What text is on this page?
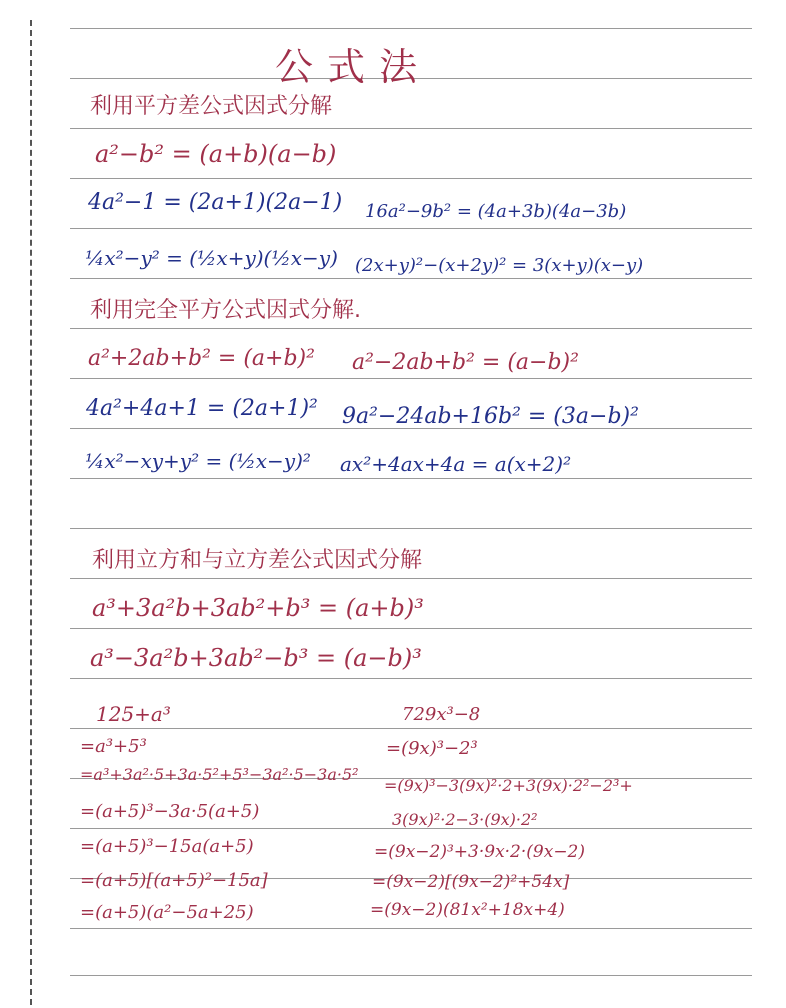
公式法
利用平方差公式因式分解
a²−b² = (a+b)(a−b)
4a²−1 = (2a+1)(2a−1) 16a²−9b² = (4a+3b)(4a−3b)
¼x²−y² = (½x+y)(½x−y) (2x+y)²−(x+2y)² = 3(x+y)(x−y)
利用完全平方公式因式分解.
a²+2ab+b² = (a+b)² a²−2ab+b² = (a−b)²
4a²+4a+1 = (2a+1)² 9a²−24ab+16b² = (3a−b)²
¼x²−xy+y² = (½x−y)² ax²+4ax+4a = a(x+2)²
利用立方和与立方差公式因式分解
a³+3a²b+3ab²+b³ = (a+b)³
a³−3a²b+3ab²−b³ = (a−b)³
125+a³
=a³+5³
=a³+3a²·5+3a·5²+5³−3a²·5−3a·5²
=(a+5)³−3a·5(a+5)
=(a+5)³−15a(a+5)
=(a+5)[(a+5)²−15a]
=(a+5)(a²−5a+25)
729x³−8
=(9x)³−2³
=(9x)³−3(9x)²·2+3(9x)·2²−2³+
3(9x)²·2−3·(9x)·2²
=(9x−2)³+3·9x·2·(9x−2)
=(9x−2)[(9x−2)²+54x]
=(9x−2)(81x²+18x+4)
